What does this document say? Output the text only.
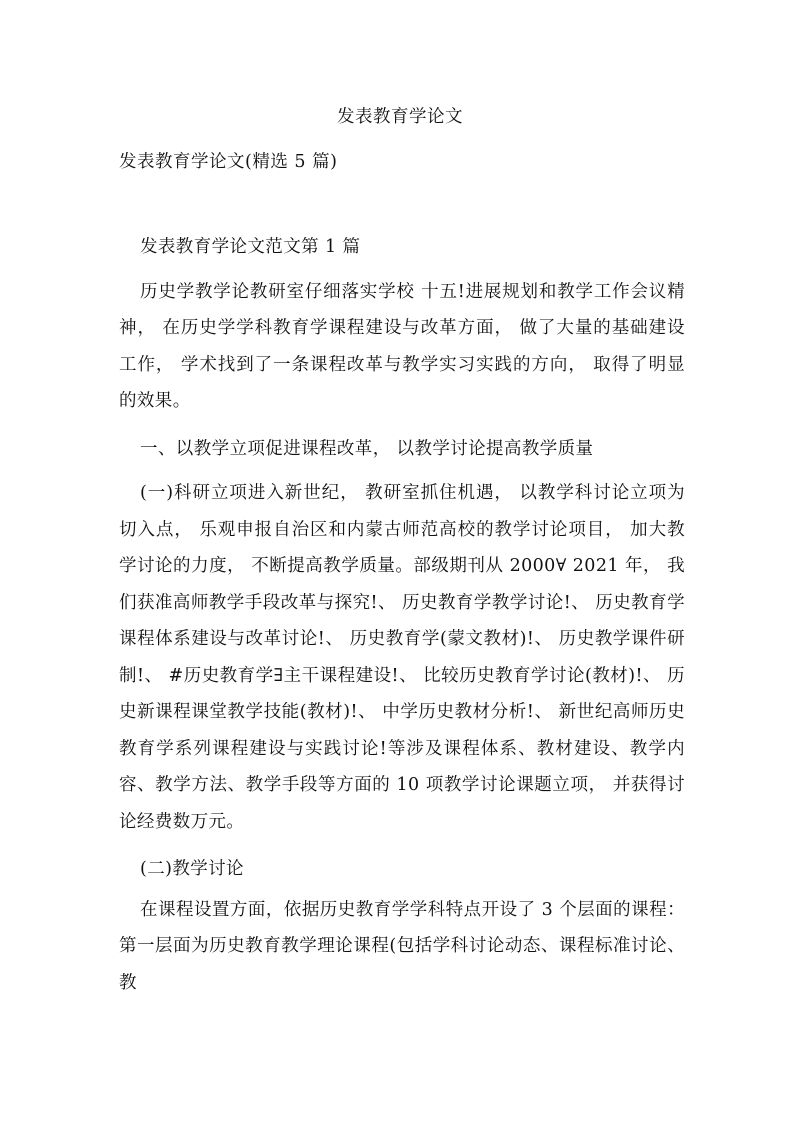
发表教育学论文
发表教育学论文(精选 5 篇)

发表教育学论文范文第 1 篇

历史学教学论教研室仔细落实学校 十五!进展规划和教学工作会议精神， 在历史学学科教育学课程建设与改革方面， 做了大量的基础建设工作， 学术找到了一条课程改革与教学实习实践的方向， 取得了明显的效果。

一、以教学立项促进课程改革， 以教学讨论提高教学质量

(一)科研立项进入新世纪， 教研室抓住机遇， 以教学科讨论立项为切入点， 乐观申报自治区和内蒙古师范高校的教学讨论项目， 加大教学讨论的力度， 不断提高教学质量。部级期刊从 2000∀ 2021 年， 我们获准高师教学手段改革与探究!、 历史教育学教学讨论!、 历史教育学课程体系建设与改革讨论!、 历史教育学(蒙文教材)!、 历史教学课件研制!、 #历史教育学∃主干课程建设!、 比较历史教育学讨论(教材)!、 历史新课程课堂教学技能(教材)!、 中学历史教材分析!、 新世纪高师历史教育学系列课程建设与实践讨论!等涉及课程体系、教材建设、教学内容、教学方法、教学手段等方面的 10 项教学讨论课题立项， 并获得讨论经费数万元。

(二)教学讨论

在课程设置方面，依据历史教育学学科特点开设了 3 个层面的课程：第一层面为历史教育教学理论课程(包括学科讨论动态、课程标准讨论、教
